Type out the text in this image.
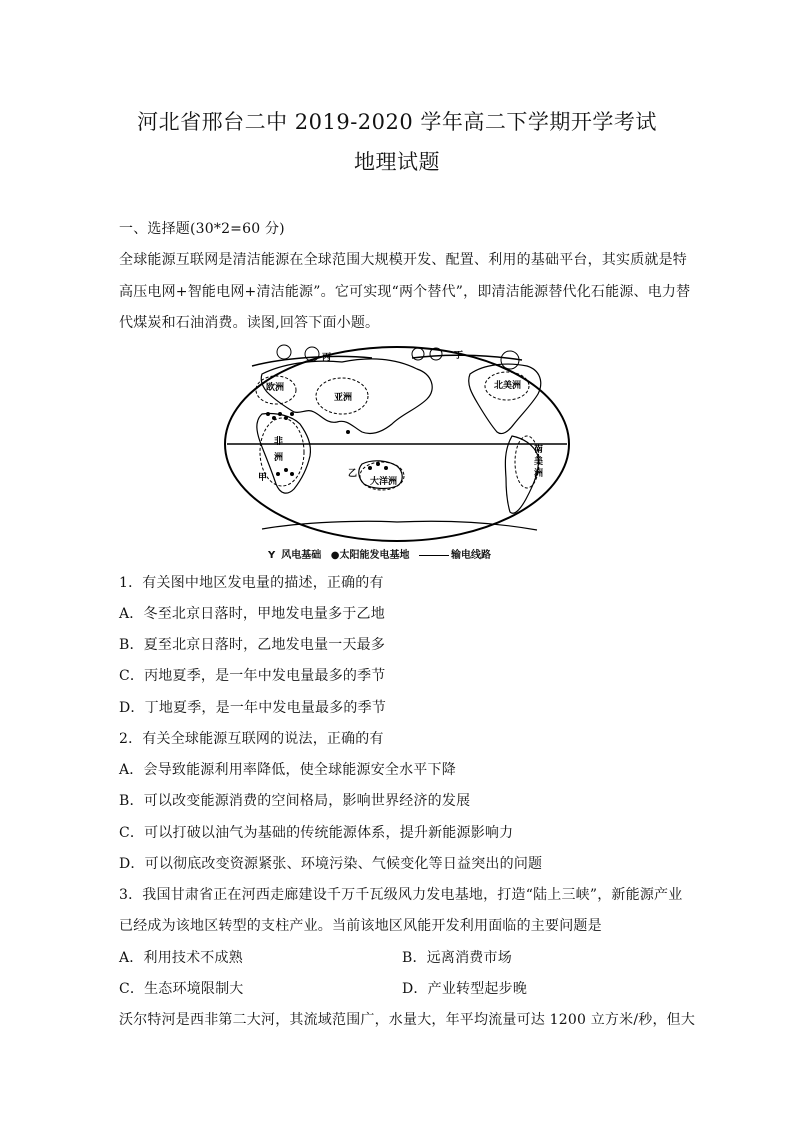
河北省邢台二中 2019-2020 学年高二下学期开学考试
地理试题
一、选择题(30*2=60 分)
全球能源互联网是清洁能源在全球范围大规模开发、配置、利用的基础平台，其实质就是特
高压电网+智能电网+清洁能源”。它可实现“两个替代”，即清洁能源替代化石能源、电力替
代煤炭和石油消费。读图,回答下面小题。
欧洲
亚洲
非
洲
北美洲
南
美
洲
大洋洲
丙	丁
甲	乙
Y 风电基础 ●太阳能发电基地	输电线路
1．有关图中地区发电量的描述，正确的有
A．冬至北京日落时，甲地发电量多于乙地
B．夏至北京日落时，乙地发电量一天最多
C．丙地夏季，是一年中发电量最多的季节
D．丁地夏季，是一年中发电量最多的季节
2．有关全球能源互联网的说法，正确的有
A．会导致能源利用率降低，使全球能源安全水平下降
B．可以改变能源消费的空间格局，影响世界经济的发展
C．可以打破以油气为基础的传统能源体系，提升新能源影响力
D．可以彻底改变资源紧张、环境污染、气候变化等日益突出的问题
3．我国甘肃省正在河西走廊建设千万千瓦级风力发电基地，打造“陆上三峡”，新能源产业
已经成为该地区转型的支柱产业。当前该地区风能开发利用面临的主要问题是
A．利用技术不成熟	B．远离消费市场
C．生态环境限制大	D．产业转型起步晚
沃尔特河是西非第二大河，其流域范围广，水量大，年平均流量可达 1200 立方米/秒，但大
